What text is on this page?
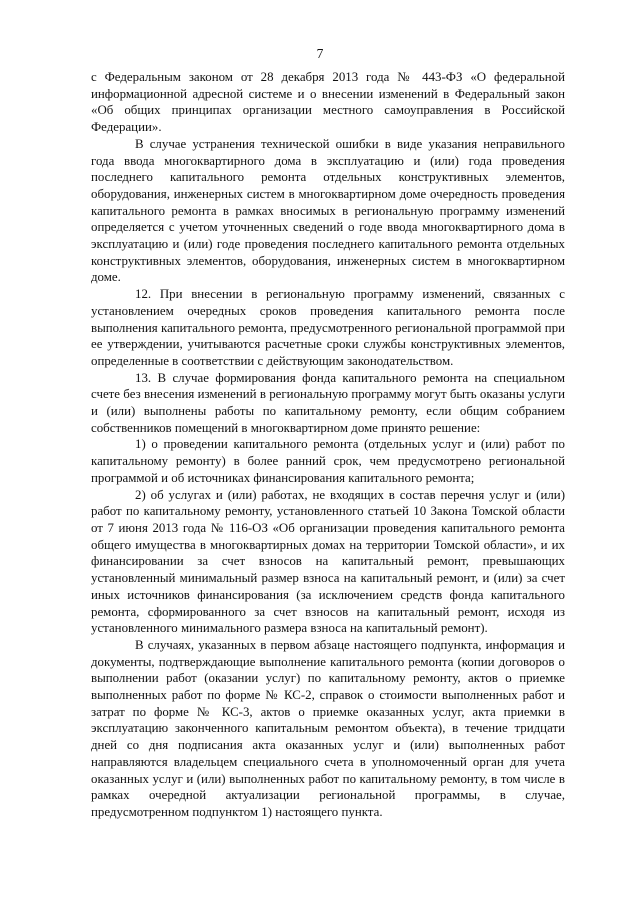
7

с Федеральным законом от 28 декабря 2013 года № 443-ФЗ «О федеральной информационной адресной системе и о внесении изменений в Федеральный закон «Об общих принципах организации местного самоуправления в Российской Федерации».

В случае устранения технической ошибки в виде указания неправильного года ввода многоквартирного дома в эксплуатацию и (или) года проведения последнего капитального ремонта отдельных конструктивных элементов, оборудования, инженерных систем в многоквартирном доме очередность проведения капитального ремонта в рамках вносимых в региональную программу изменений определяется с учетом уточненных сведений о годе ввода многоквартирного дома в эксплуатацию и (или) годе проведения последнего капитального ремонта отдельных конструктивных элементов, оборудования, инженерных систем в многоквартирном доме.

12. При внесении в региональную программу изменений, связанных с установлением очередных сроков проведения капитального ремонта после выполнения капитального ремонта, предусмотренного региональной программой при ее утверждении, учитываются расчетные сроки службы конструктивных элементов, определенные в соответствии с действующим законодательством.

13. В случае формирования фонда капитального ремонта на специальном счете без внесения изменений в региональную программу могут быть оказаны услуги и (или) выполнены работы по капитальному ремонту, если общим собранием собственников помещений в многоквартирном доме принято решение:

1) о проведении капитального ремонта (отдельных услуг и (или) работ по капитальному ремонту) в более ранний срок, чем предусмотрено региональной программой и об источниках финансирования капитального ремонта;

2) об услугах и (или) работах, не входящих в состав перечня услуг и (или) работ по капитальному ремонту, установленного статьей 10 Закона Томской области от 7 июня 2013 года № 116-ОЗ «Об организации проведения капитального ремонта общего имущества в многоквартирных домах на территории Томской области», и их финансировании за счет взносов на капитальный ремонт, превышающих установленный минимальный размер взноса на капитальный ремонт, и (или) за счет иных источников финансирования (за исключением средств фонда капитального ремонта, сформированного за счет взносов на капитальный ремонт, исходя из установленного минимального размера взноса на капитальный ремонт).

В случаях, указанных в первом абзаце настоящего подпункта, информация и документы, подтверждающие выполнение капитального ремонта (копии договоров о выполнении работ (оказании услуг) по капитальному ремонту, актов о приемке выполненных работ по форме № КС-2, справок о стоимости выполненных работ и затрат по форме № КС-3, актов о приемке оказанных услуг, акта приемки в эксплуатацию законченного капитальным ремонтом объекта), в течение тридцати дней со дня подписания акта оказанных услуг и (или) выполненных работ направляются владельцем специального счета в уполномоченный орган для учета оказанных услуг и (или) выполненных работ по капитальному ремонту, в том числе в рамках очередной актуализации региональной программы, в случае, предусмотренном подпунктом 1) настоящего пункта.
